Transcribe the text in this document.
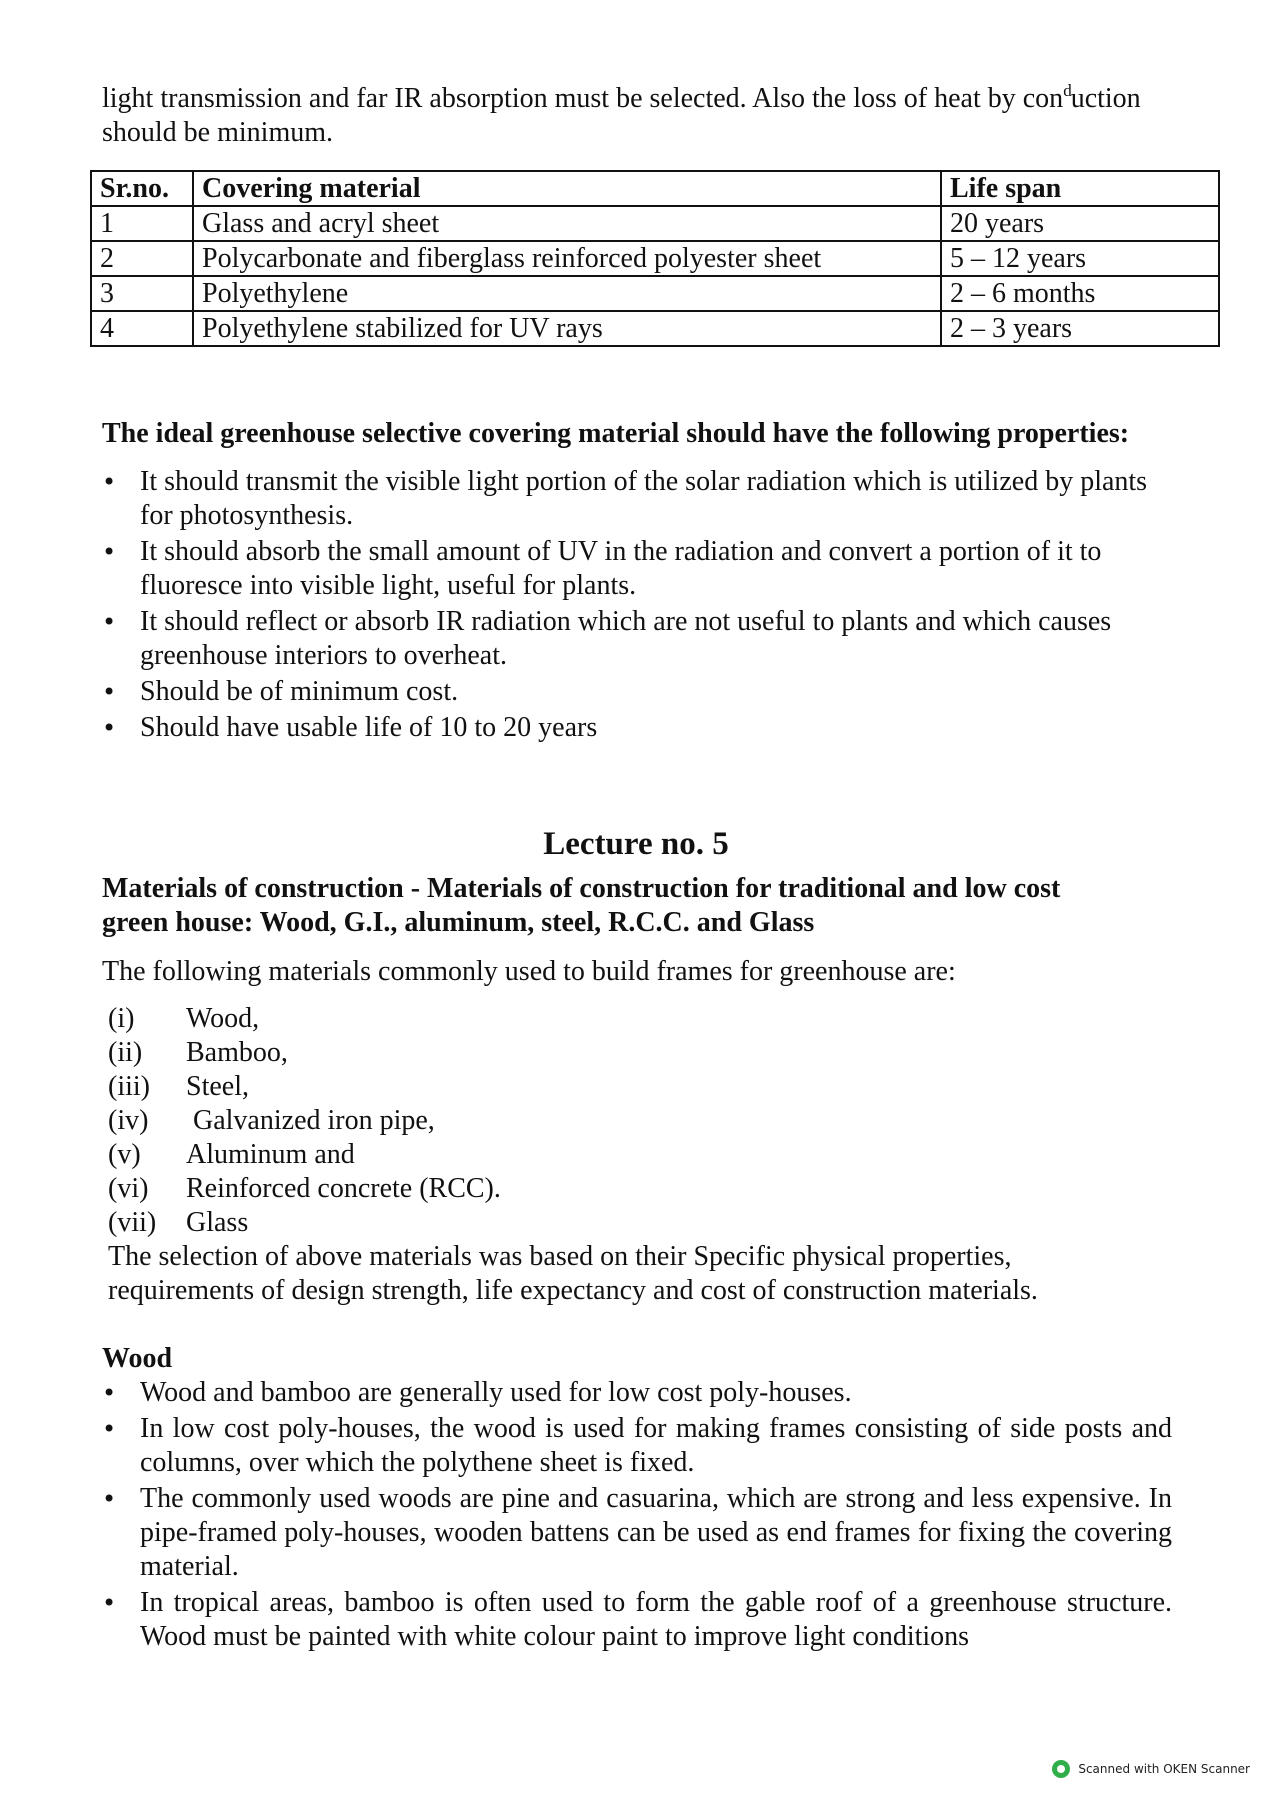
light transmission and far IR absorption must be selected. Also the loss of heat by con$^d$uction
should be minimum.

Sr.no.	Covering material	Life span
1	Glass and acryl sheet	20 years
2	Polycarbonate and fiberglass reinforced polyester sheet	5 – 12 years
3	Polyethylene	2 – 6 months
4	Polyethylene stabilized for UV rays	2 – 3 years

The ideal greenhouse selective covering material should have the following properties:

• It should transmit the visible light portion of the solar radiation which is utilized by plants for photosynthesis.
• It should absorb the small amount of UV in the radiation and convert a portion of it to fluoresce into visible light, useful for plants.
• It should reflect or absorb IR radiation which are not useful to plants and which causes greenhouse interiors to overheat.
• Should be of minimum cost.
• Should have usable life of 10 to 20 years

Lecture no. 5

Materials of construction - Materials of construction for traditional and low cost
green house: Wood, G.I., aluminum, steel, R.C.C. and Glass

The following materials commonly used to build frames for greenhouse are:

(i)	Wood,
(ii)	Bamboo,
(iii)	Steel,
(iv)	Galvanized iron pipe,
(v)	Aluminum and
(vi)	Reinforced concrete (RCC).
(vii)	Glass

The selection of above materials was based on their Specific physical properties,
requirements of design strength, life expectancy and cost of construction materials.

Wood

• Wood and bamboo are generally used for low cost poly-houses.
• In low cost poly-houses, the wood is used for making frames consisting of side posts and columns, over which the polythene sheet is fixed.
• The commonly used woods are pine and casuarina, which are strong and less expensive. In pipe-framed poly-houses, wooden battens can be used as end frames for fixing the covering material.
• In tropical areas, bamboo is often used to form the gable roof of a greenhouse structure. Wood must be painted with white colour paint to improve light conditions
Scanned with OKEN Scanner
